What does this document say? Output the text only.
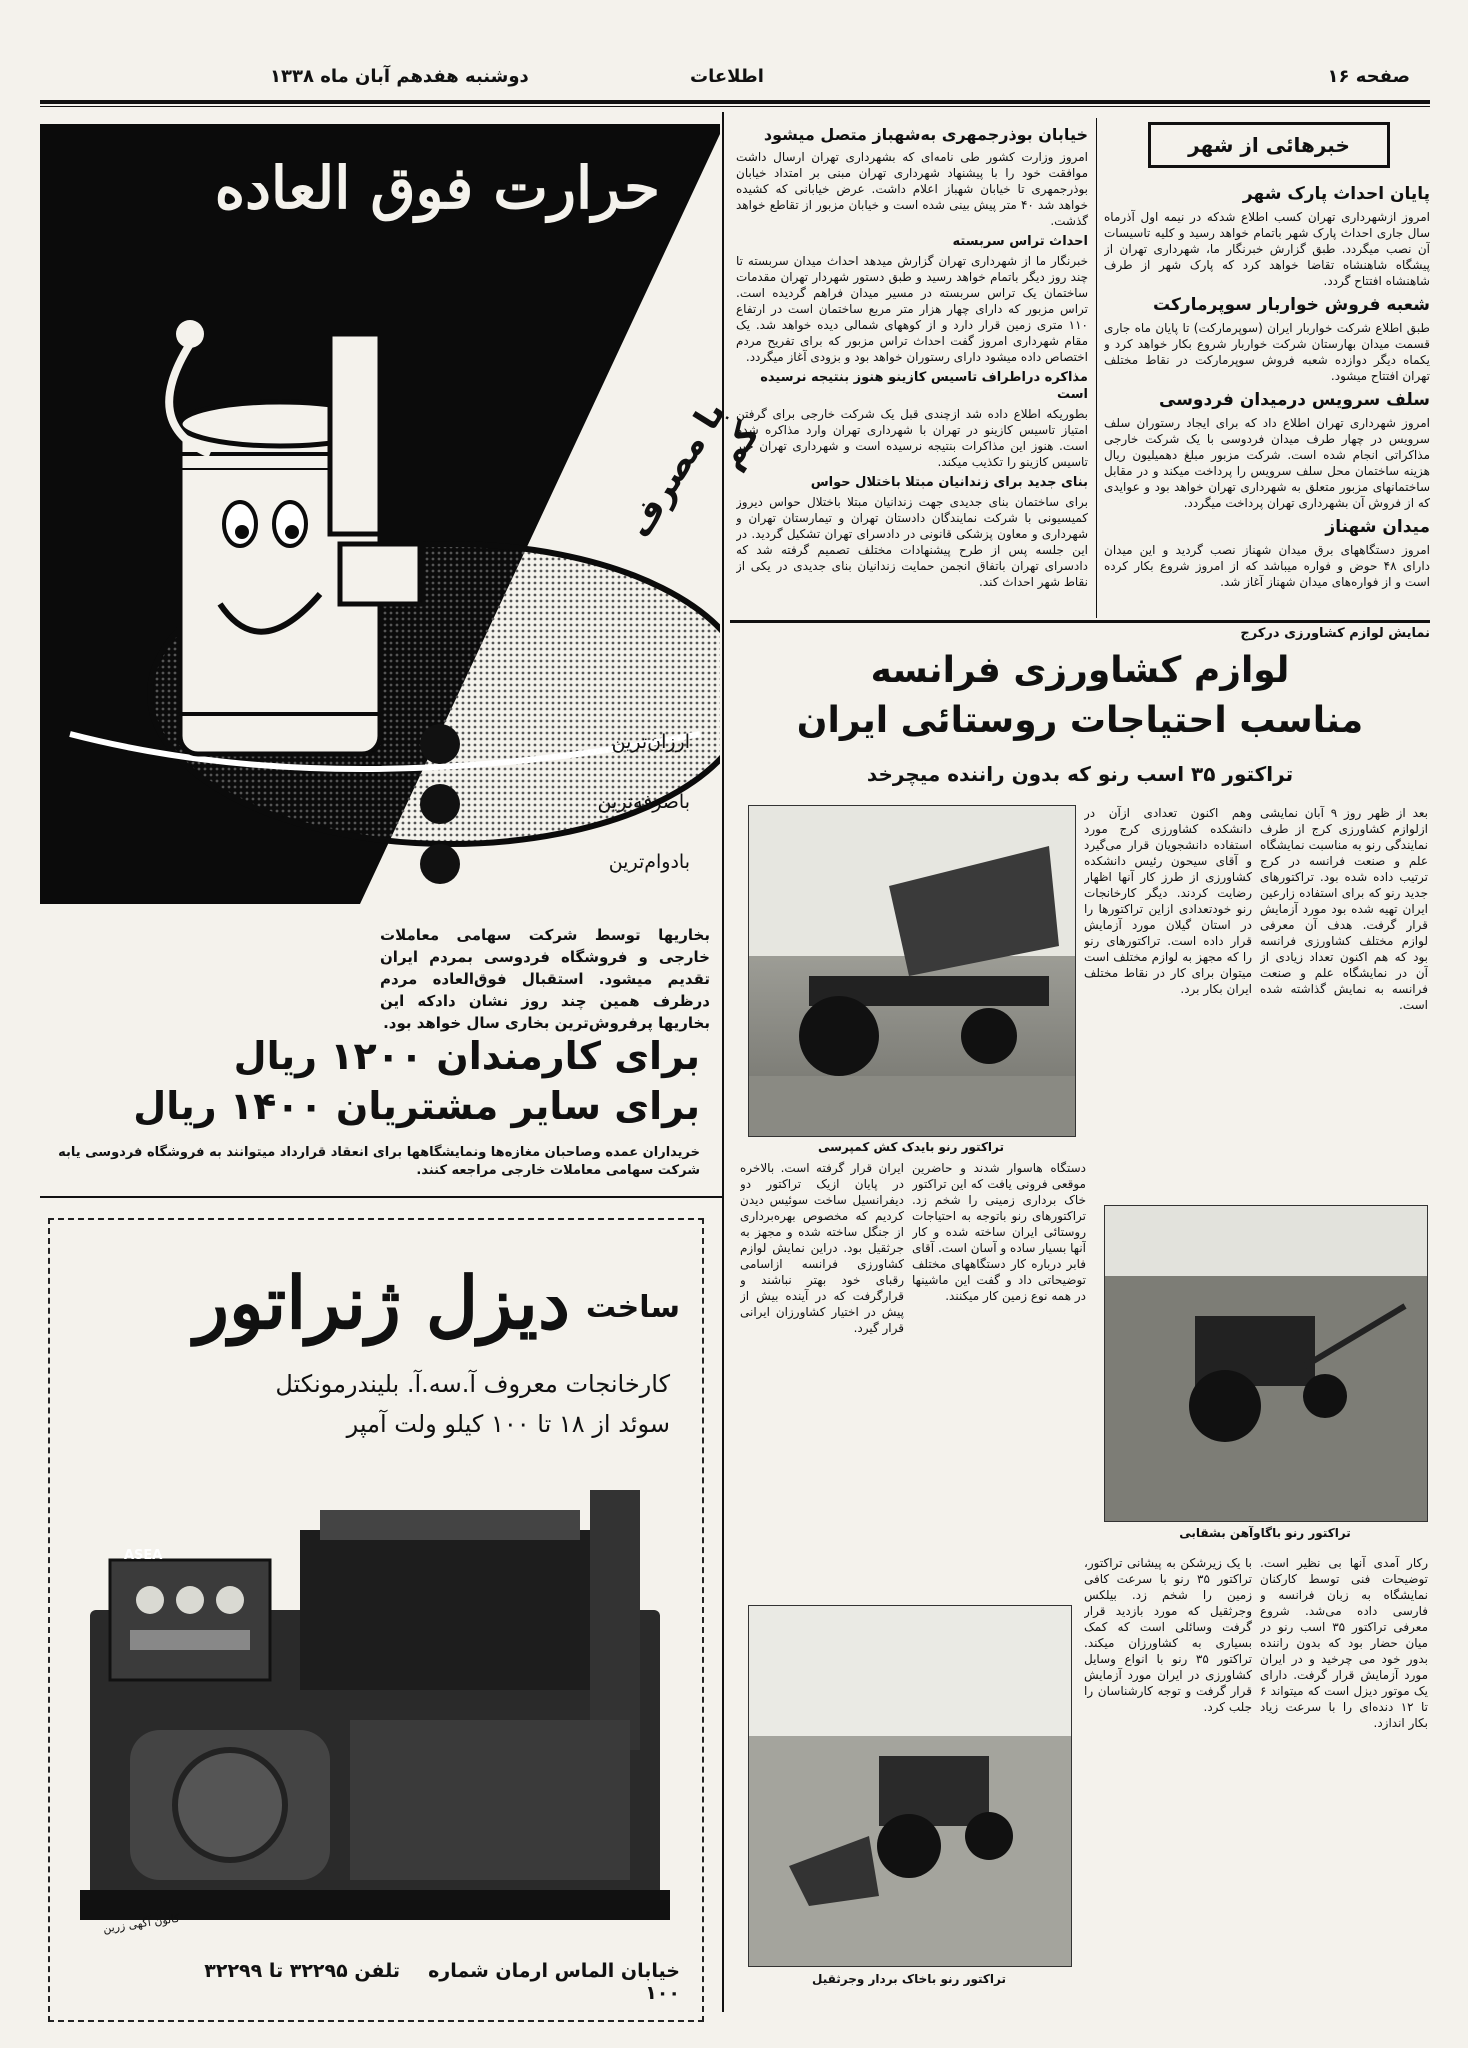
صفحه ۱۶
اطلاعات
دوشنبه هفدهم آبان ماه ۱۳۳۸
حرارت فوق العاده
با مصرف کم
ارزان‌ترین
باصرفه‌ترین
بادوام‌ترین
بخاریها توسط شرکت سهامی معاملات خارجی و فروشگاه فردوسی بمردم ایران تقدیم میشود. استقبال فوق‌العاده مردم درظرف همین چند روز نشان دادکه این بخاریها پرفروش‌ترین بخاری سال خواهد بود.
برای کارمندان ۱۲۰۰ ریال
برای سایر مشتریان ۱۴۰۰ ریال
خریداران عمده وصاحبان مغازه‌ها ونمایشگاهها برای انعقاد قرارداد میتوانند به فروشگاه فردوسی یابه شرکت سهامی معاملات خارجی مراجعه کنند.
دیزل ژنراتور ساخت
کارخانجات معروف آ.سه.آ. بلیندرمونکتل
سوئد از ۱۸ تا ۱۰۰ کیلو ولت آمپر
ASEA
کانون آگهی زرین
خیابان الماس ارمان شماره ۱۰۰
تلفن ۳۲۲۹۵ تا ۳۲۲۹۹
خبرهائی از شهر
پایان احداث پارک شهر

امروز ازشهرداری تهران کسب اطلاع شدکه در نیمه اول آذرماه سال جاری احداث پارک شهر باتمام خواهد رسید و کلیه تاسیسات آن نصب میگردد. طبق گزارش خبرنگار ما، شهرداری تهران از پیشگاه شاهنشاه تقاضا خواهد کرد که پارک شهر از طرف شاهنشاه افتتاح گردد.

شعبه فروش خواربار سوپرمارکت

طبق اطلاع شرکت خواربار ایران (سوپرمارکت) تا پایان ماه جاری قسمت میدان بهارستان شرکت خواربار شروع بکار خواهد کرد و یکماه دیگر دوازده شعبه فروش سوپرمارکت در نقاط مختلف تهران افتتاح میشود.

سلف سرویس درمیدان فردوسی

امروز شهرداری تهران اطلاع داد که برای ایجاد رستوران سلف سرویس در چهار طرف میدان فردوسی با یک شرکت خارجی مذاکراتی انجام شده است. شرکت مزبور مبلغ دهمیلیون ریال هزینه ساختمان محل سلف سرویس را پرداخت میکند و در مقابل ساختمانهای مزبور متعلق به شهرداری تهران خواهد بود و عوایدی که از فروش آن بشهرداری تهران پرداخت میگردد.

میدان شهناز

امروز دستگاههای برق میدان شهناز نصب گردید و این میدان دارای ۴۸ حوض و فواره میباشد که از امروز شروع بکار کرده است و از فواره‌های میدان شهناز آغاز شد.

خیابان بوذرجمهری به‌شهباز متصل میشود

امروز وزارت کشور طی نامه‌ای که بشهرداری تهران ارسال داشت موافقت خود را با پیشنهاد شهرداری تهران مبنی بر امتداد خیابان بوذرجمهری تا خیابان شهباز اعلام داشت. عرض خیابانی که کشیده خواهد شد ۴۰ متر پیش بینی شده است و خیابان مزبور از تقاطع خواهد گذشت.

احداث تراس سربسته

خبرنگار ما از شهرداری تهران گزارش میدهد احداث میدان سربسته تا چند روز دیگر باتمام خواهد رسید و طبق دستور شهردار تهران مقدمات ساختمان یک تراس سربسته در مسیر میدان فراهم گردیده است. تراس مزبور که دارای چهار هزار متر مربع ساختمان است در ارتفاع ۱۱۰ متری زمین قرار دارد و از کوههای شمالی دیده خواهد شد. یک مقام شهرداری امروز گفت احداث تراس مزبور که برای تفریح مردم اختصاص داده میشود دارای رستوران خواهد بود و بزودی آغاز میگردد.

مذاکره دراطراف تاسیس کازینو هنوز بنتیجه نرسیده است

بطوریکه اطلاع داده شد ازچندی قبل یک شرکت خارجی برای گرفتن امتیاز تاسیس کازینو در تهران با شهرداری تهران وارد مذاکره شده است. هنوز این مذاکرات بنتیجه نرسیده است و شهرداری تهران خبر تاسیس کازینو را تکذیب میکند.

بنای جدید برای زندانیان مبتلا باختلال حواس

برای ساختمان بنای جدیدی جهت زندانیان مبتلا باختلال حواس دیروز کمیسیونی با شرکت نمایندگان دادستان تهران و تیمارستان تهران و شهرداری و معاون پزشکی قانونی در دادسرای تهران تشکیل گردید. در این جلسه پس از طرح پیشنهادات مختلف تصمیم گرفته شد که دادسرای تهران باتفاق انجمن حمایت زندانیان بنای جدیدی در یکی از نقاط شهر احداث کند.

نمایش لوازم کشاورزی درکرج
لوازم کشاورزی فرانسه
مناسب احتیاجات روستائی ایران
تراکتور ۳۵ اسب رنو که بدون راننده میچرخد
تراکتور رنو بایدک کش کمپرسی

بعد از ظهر روز ۹ آبان نمایشی ازلوازم کشاورزی کرج از طرف نمایندگی رنو به مناسبت نمایشگاه علم و صنعت فرانسه در کرج ترتیب داده شده بود. تراکتورهای جدید رنو که برای استفاده زارعین ایران تهیه شده بود مورد آزمایش قرار گرفت. هدف آن معرفی لوازم مختلف کشاورزی فرانسه بود که هم اکنون تعداد زیادی از آن در نمایشگاه علم و صنعت فرانسه به نمایش گذاشته شده است.

وهم اکنون تعدادی ازآن در دانشکده کشاورزی کرج مورد استفاده دانشجویان قرار می‌گیرد و آقای سیحون رئیس دانشکده کشاورزی از طرز کار آنها اظهار رضایت کردند. دیگر کارخانجات رنو خودتعدادی ازاین تراکتورها را در استان گیلان مورد آزمایش قرار داده است. تراکتورهای رنو را که مجهز به لوازم مختلف است میتوان برای کار در نقاط مختلف ایران بکار برد.

تراکتور رنو باگاوآهن بشقابی

دستگاه هاسوار شدند و حاضرین موقعی فرونی یافت که این تراکتور خاک برداری زمینی را شخم زد. تراکتورهای رنو باتوجه به احتیاجات روستائی ایران ساخته شده و کار آنها بسیار ساده و آسان است. آقای فابر درباره کار دستگاههای مختلف توضیحاتی داد و گفت این ماشینها در همه نوع زمین کار میکنند.

ایران قرار گرفته است. بالاخره در پایان ازیک تراکتور دو دیفرانسیل ساخت سوئیس دیدن کردیم که مخصوص بهره‌برداری از جنگل ساخته شده و مجهز به جرثقیل بود. دراین نمایش لوازم کشاورزی فرانسه ازاسامی رقبای خود بهتر نباشند و قرارگرفت که در آینده بیش از پیش در اختیار کشاورزان ایرانی قرار گیرد.

تراکتور رنو باخاک بردار وجرثقیل

رکار آمدی آنها بی نظیر است. توضیحات فنی توسط کارکنان نمایشگاه به زبان فرانسه و فارسی داده می‌شد. شروع معرفی تراکتور ۳۵ اسب رنو در میان حضار بود که بدون راننده بدور خود می چرخید و در ایران مورد آزمایش قرار گرفت. دارای یک موتور دیزل است که میتواند ۶ تا ۱۲ دنده‌ای را با سرعت زیاد بکار اندازد.

با یک زیرشکن به پیشانی تراکتور، تراکتور ۳۵ رنو با سرعت کافی زمین را شخم زد. بیلکس وجرثقیل که مورد بازدید قرار گرفت وسائلی است که کمک بسیاری به کشاورزان میکند. تراکتور ۳۵ رنو با انواع وسایل کشاورزی در ایران مورد آزمایش قرار گرفت و توجه کارشناسان را جلب کرد.
